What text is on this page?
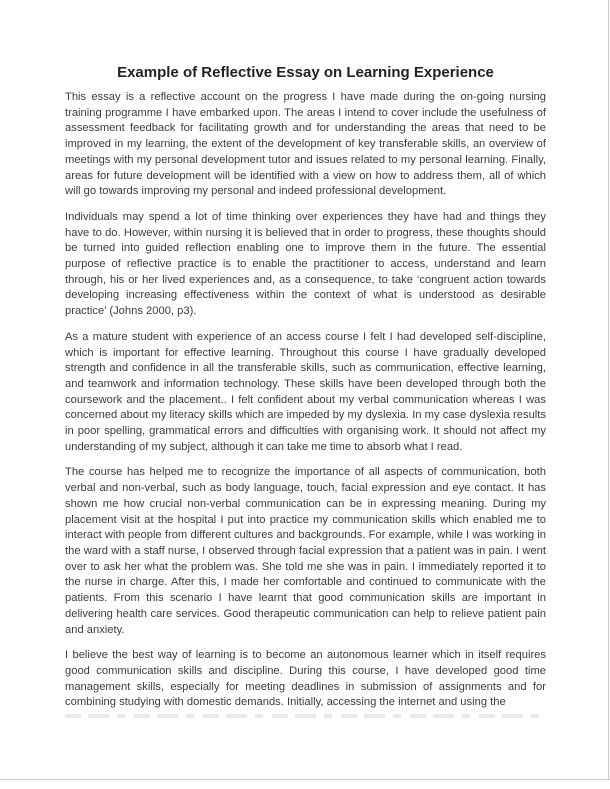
Example of Reflective Essay on Learning Experience

This essay is a reflective account on the progress I have made during the on-going nursing training programme I have embarked upon. The areas I intend to cover include the usefulness of assessment feedback for facilitating growth and for understanding the areas that need to be improved in my learning, the extent of the development of key transferable skills, an overview of meetings with my personal development tutor and issues related to my personal learning. Finally, areas for future development will be identified with a view on how to address them, all of which will go towards improving my personal and indeed professional development.

Individuals may spend a lot of time thinking over experiences they have had and things they have to do. However, within nursing it is believed that in order to progress, these thoughts should be turned into guided reflection enabling one to improve them in the future. The essential purpose of reflective practice is to enable the practitioner to access, understand and learn through, his or her lived experiences and, as a consequence, to take ‘congruent action towards developing increasing effectiveness within the context of what is understood as desirable practice’ (Johns 2000, p3).

As a mature student with experience of an access course I felt I had developed self-discipline, which is important for effective learning. Throughout this course I have gradually developed strength and confidence in all the transferable skills, such as communication, effective learning, and teamwork and information technology. These skills have been developed through both the coursework and the placement.. I felt confident about my verbal communication whereas I was concerned about my literacy skills which are impeded by my dyslexia. In my case dyslexia results in poor spelling, grammatical errors and difficulties with organising work. It should not affect my understanding of my subject, although it can take me time to absorb what I read.

The course has helped me to recognize the importance of all aspects of communication, both verbal and non-verbal, such as body language, touch, facial expression and eye contact. It has shown me how crucial non-verbal communication can be in expressing meaning. During my placement visit at the hospital I put into practice my communication skills which enabled me to interact with people from different cultures and backgrounds. For example, while I was working in the ward with a staff nurse, I observed through facial expression that a patient was in pain. I went over to ask her what the problem was. She told me she was in pain. I immediately reported it to the nurse in charge. After this, I made her comfortable and continued to communicate with the patients. From this scenario I have learnt that good communication skills are important in delivering health care services. Good therapeutic communication can help to relieve patient pain and anxiety.

I believe the best way of learning is to become an autonomous learner which in itself requires good communication skills and discipline. During this course, I have developed good time management skills, especially for meeting deadlines in submission of assignments and for combining studying with domestic demands. Initially, accessing the internet and using the
